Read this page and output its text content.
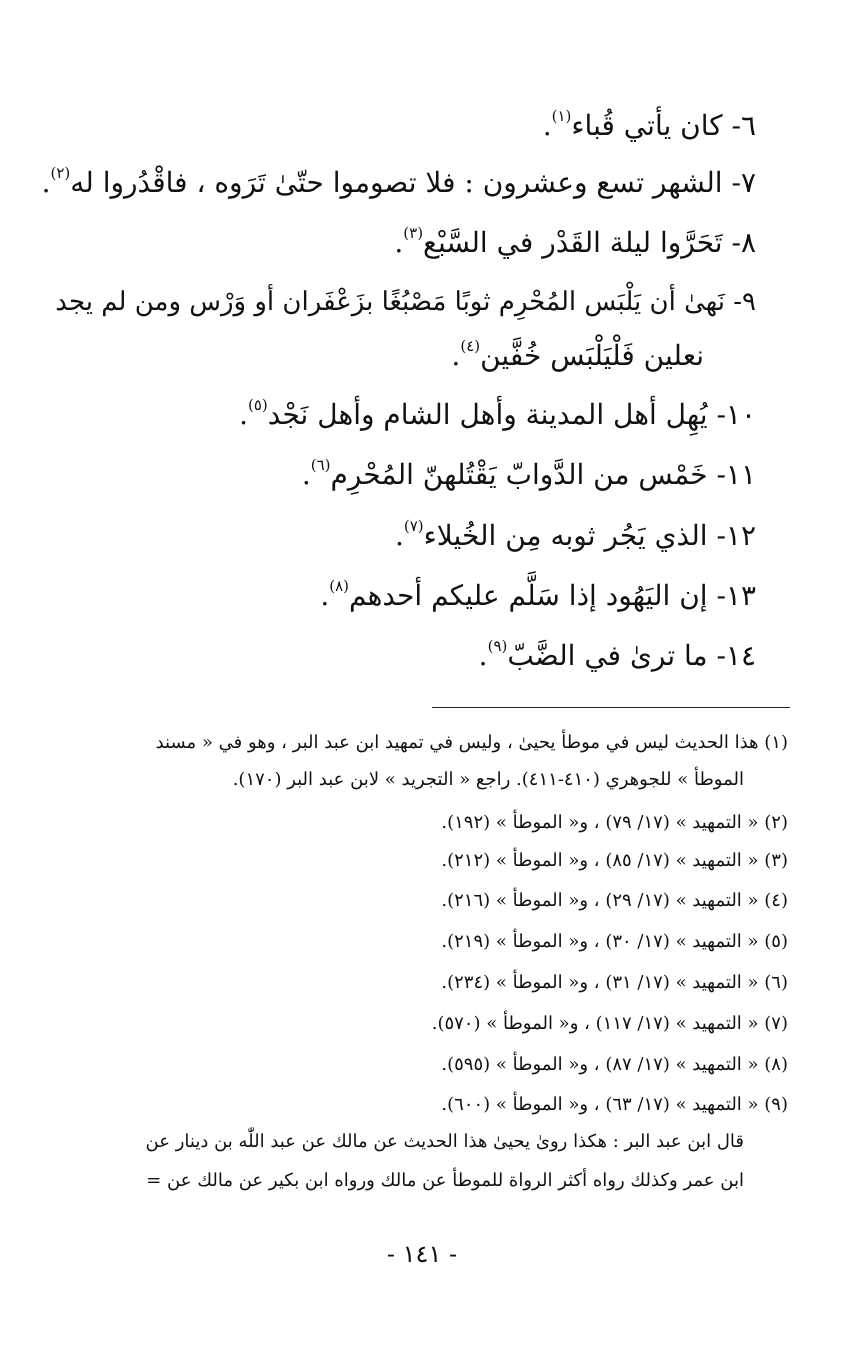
٦- كان يأتي قُباء$^{(١)}$.
٧- الشهر تسع وعشرون : فلا تصوموا حتّىٰ تَرَوه ، فاقْدُروا له$^{(٢)}$.
٨- تَحَرَّوا ليلة القَدْر في السَّبْع$^{(٣)}$.
٩- نَهىٰ أن يَلْبَس المُحْرِم ثوبًا مَصْبُغًا بزَعْفَران أو وَرْس ومن لم يجد
نعلين فَلْيَلْبَس خُفَّين$^{(٤)}$.
١٠- يُهِل أهل المدينة وأهل الشام وأهل نَجْد$^{(٥)}$.
١١- خَمْس من الدَّوابّ يَقْتُلهنّ المُحْرِم$^{(٦)}$.
١٢- الذي يَجُر ثوبه مِن الخُيلاء$^{(٧)}$.
١٣- إن اليَهُود إذا سَلَّم عليكم أحدهم$^{(٨)}$.
١٤- ما ترىٰ في الضَّبّ$^{(٩)}$.
(١) هذا الحديث ليس في موطأ يحيىٰ ، وليس في تمهيد ابن عبد البر ، وهو في « مسند
الموطأ » للجوهري (٤١٠-٤١١). راجع « التجريد » لابن عبد البر (١٧٠).
(٢) « التمهيد » (١٧/ ٧٩) ، و« الموطأ » (١٩٢).
(٣) « التمهيد » (١٧/ ٨٥) ، و« الموطأ » (٢١٢).
(٤) « التمهيد » (١٧/ ٢٩) ، و« الموطأ » (٢١٦).
(٥) « التمهيد » (١٧/ ٣٠) ، و« الموطأ » (٢١٩).
(٦) « التمهيد » (١٧/ ٣١) ، و« الموطأ » (٢٣٤).
(٧) « التمهيد » (١٧/ ١١٧) ، و« الموطأ » (٥٧٠).
(٨) « التمهيد » (١٧/ ٨٧) ، و« الموطأ » (٥٩٥).
(٩) « التمهيد » (١٧/ ٦٣) ، و« الموطأ » (٦٠٠).
قال ابن عبد البر : هكذا روىٰ يحيىٰ هذا الحديث عن مالك عن عبد اللّٰه بن دينار عن
ابن عمر وكذلك رواه أكثر الرواة للموطأ عن مالك ورواه ابن بكير عن مالك عن =
- ١٤١ -
